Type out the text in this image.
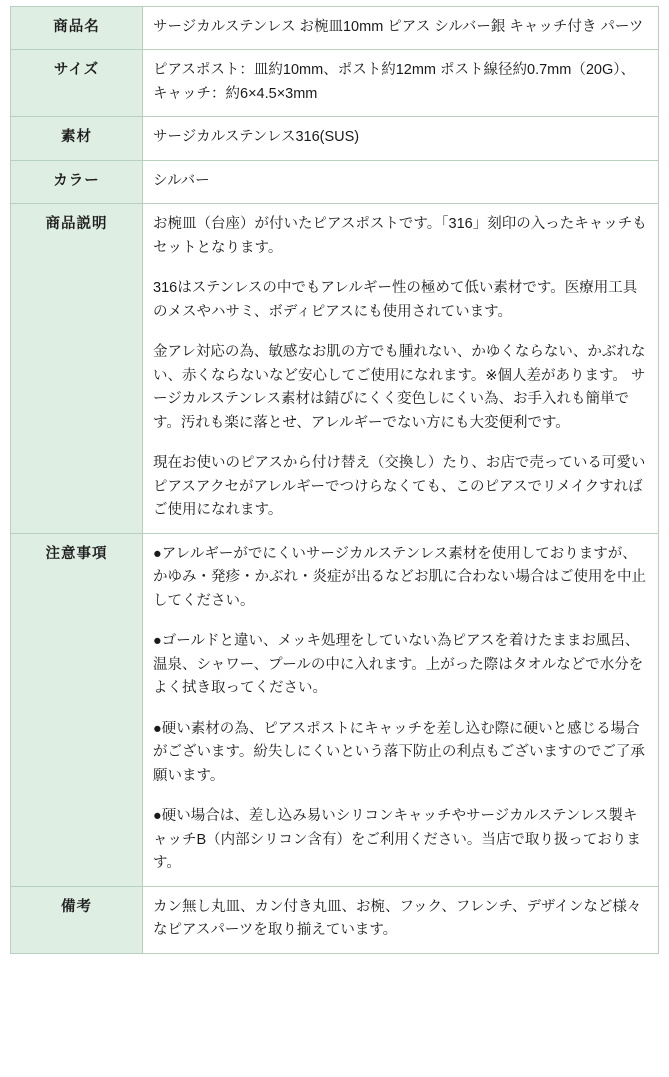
商品名	サージカルステンレス お椀皿10mm ピアス シルバー銀 キャッチ付き パーツ

サイズ	ピアスポスト：皿約10mm、ポスト約12mm ポスト線径約0.7mm（20G）、キャッチ：約6×4.5×3mm

素材	サージカルステンレス316(SUS)

カラー	シルバー

商品説明	お椀皿（台座）が付いたピアスポストです。「316」刻印の入ったキャッチもセットとなります。

316はステンレスの中でもアレルギー性の極めて低い素材です。医療用工具のメスやハサミ、ボディピアスにも使用されています。

金アレ対応の為、敏感なお肌の方でも腫れない、かゆくならない、かぶれない、赤くならないなど安心してご使用になれます。※個人差があります。 サージカルステンレス素材は錆びにくく変色しにくい為、お手入れも簡単です。汚れも楽に落とせ、アレルギーでない方にも大変便利です。

現在お使いのピアスから付け替え（交換し）たり、お店で売っている可愛いピアスアクセがアレルギーでつけらなくても、このピアスでリメイクすればご使用になれます。

注意事項	●アレルギーがでにくいサージカルステンレス素材を使用しておりますが、かゆみ・発疹・かぶれ・炎症が出るなどお肌に合わない場合はご使用を中止してください。

●ゴールドと違い、メッキ処理をしていない為ピアスを着けたままお風呂、温泉、シャワー、プールの中に入れます。上がった際はタオルなどで水分をよく拭き取ってください。

●硬い素材の為、ピアスポストにキャッチを差し込む際に硬いと感じる場合がございます。紛失しにくいという落下防止の利点もございますのでご了承願います。

●硬い場合は、差し込み易いシリコンキャッチやサージカルステンレス製キャッチB（内部シリコン含有）をご利用ください。当店で取り扱っております。

備考	カン無し丸皿、カン付き丸皿、お椀、フック、フレンチ、デザインなど様々なピアスパーツを取り揃えています。
